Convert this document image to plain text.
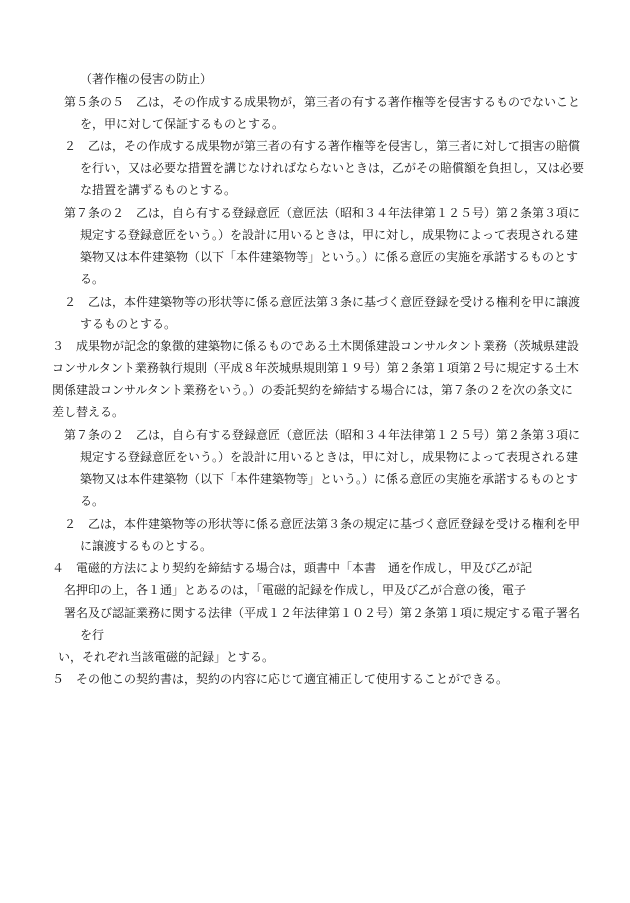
（著作権の侵害の防止）
第５条の５　乙は，その作成する成果物が，第三者の有する著作権等を侵害するものでないこと
を，甲に対して保証するものとする。
２　乙は，その作成する成果物が第三者の有する著作権等を侵害し，第三者に対して損害の賠償
を行い，又は必要な措置を講じなければならないときは，乙がその賠償額を負担し，又は必要
な措置を講ずるものとする。
第７条の２　乙は，自ら有する登録意匠（意匠法（昭和３４年法律第１２５号）第２条第３項に
規定する登録意匠をいう。）を設計に用いるときは，甲に対し，成果物によって表現される建
築物又は本件建築物（以下「本件建築物等」という。）に係る意匠の実施を承諾するものとす
る。
２　乙は，本件建築物等の形状等に係る意匠法第３条に基づく意匠登録を受ける権利を甲に譲渡
するものとする。
３　成果物が記念的象徴的建築物に係るものである土木関係建設コンサルタント業務（茨城県建設
コンサルタント業務執行規則（平成８年茨城県規則第１９号）第２条第１項第２号に規定する土木
関係建設コンサルタント業務をいう。）の委託契約を締結する場合には，第７条の２を次の条文に
差し替える。
第７条の２　乙は，自ら有する登録意匠（意匠法（昭和３４年法律第１２５号）第２条第３項に
規定する登録意匠をいう。）を設計に用いるときは，甲に対し，成果物によって表現される建
築物又は本件建築物（以下「本件建築物等」という。）に係る意匠の実施を承諾するものとす
る。
２　乙は，本件建築物等の形状等に係る意匠法第３条の規定に基づく意匠登録を受ける権利を甲
に譲渡するものとする。
４　電磁的方法により契約を締結する場合は，頭書中「本書　通を作成し，甲及び乙が記
名押印の上，各１通」とあるのは，「電磁的記録を作成し，甲及び乙が合意の後，電子
署名及び認証業務に関する法律（平成１２年法律第１０２号）第２条第１項に規定する電子署名
を行
い，それぞれ当該電磁的記録」とする。
５　その他この契約書は，契約の内容に応じて適宜補正して使用することができる。
